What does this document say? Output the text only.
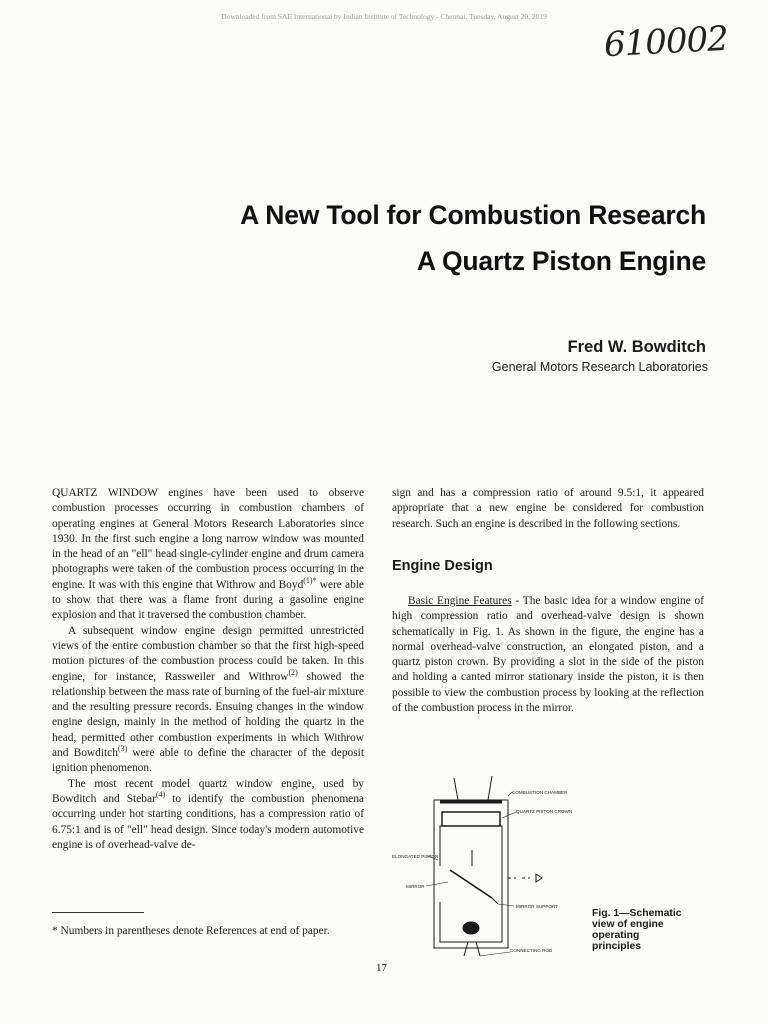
Downloaded from SAE International by Indian Institute of Technology - Chennai, Tuesday, August 20, 2019
610002
A New Tool for Combustion Research
A Quartz Piston Engine
Fred W. Bowditch
General Motors Research Laboratories

QUARTZ WINDOW engines have been used to observe combustion processes occurring in combustion chambers of operating engines at General Motors Research Laboratories since 1930. In the first such engine a long narrow window was mounted in the head of an "ell" head single-cylinder engine and drum camera photographs were taken of the combustion process occurring in the engine. It was with this engine that Withrow and Boyd$^{(1)*}$ were able to show that there was a flame front during a gasoline engine explosion and that it traversed the combustion chamber.

A subsequent window engine design permitted unrestricted views of the entire combustion chamber so that the first high-speed motion pictures of the combustion process could be taken. In this engine, for instance, Rassweiler and Withrow$^{(2)}$ showed the relationship between the mass rate of burning of the fuel-air mixture and the resulting pressure records. Ensuing changes in the window engine design, mainly in the method of holding the quartz in the head, permitted other combustion experiments in which Withrow and Bowditch$^{(3)}$ were able to define the character of the deposit ignition phenomenon.

The most recent model quartz window engine, used by Bowditch and Stebar$^{(4)}$ to identify the combustion phenomena occurring under hot starting conditions, has a compression ratio of 6.75:1 and is of "ell" head design. Since today's modern automotive engine is of overhead-valve de-

sign and has a compression ratio of around 9.5:1, it appeared appropriate that a new engine be considered for combustion research. Such an engine is described in the following sections.

Engine Design

Basic Engine Features - The basic idea for a window engine of high compression ratio and overhead-valve design is shown schematically in Fig. 1. As shown in the figure, the engine has a normal overhead-valve construction, an elongated piston, and a quartz piston crown. By providing a slot in the side of the piston and holding a canted mirror stationary inside the piston, it is then possible to view the combustion process by looking at the reflection of the combustion process in the mirror.

* Numbers in parentheses denote References at end of paper.
17
COMBUSTION CHAMBER
QUARTZ PISTON CROWN
ELONGATED PISTON
MIRROR
MIRROR SUPPORT
CONNECTING ROD
Fig. 1—Schematic
view of engine
operating
principles
